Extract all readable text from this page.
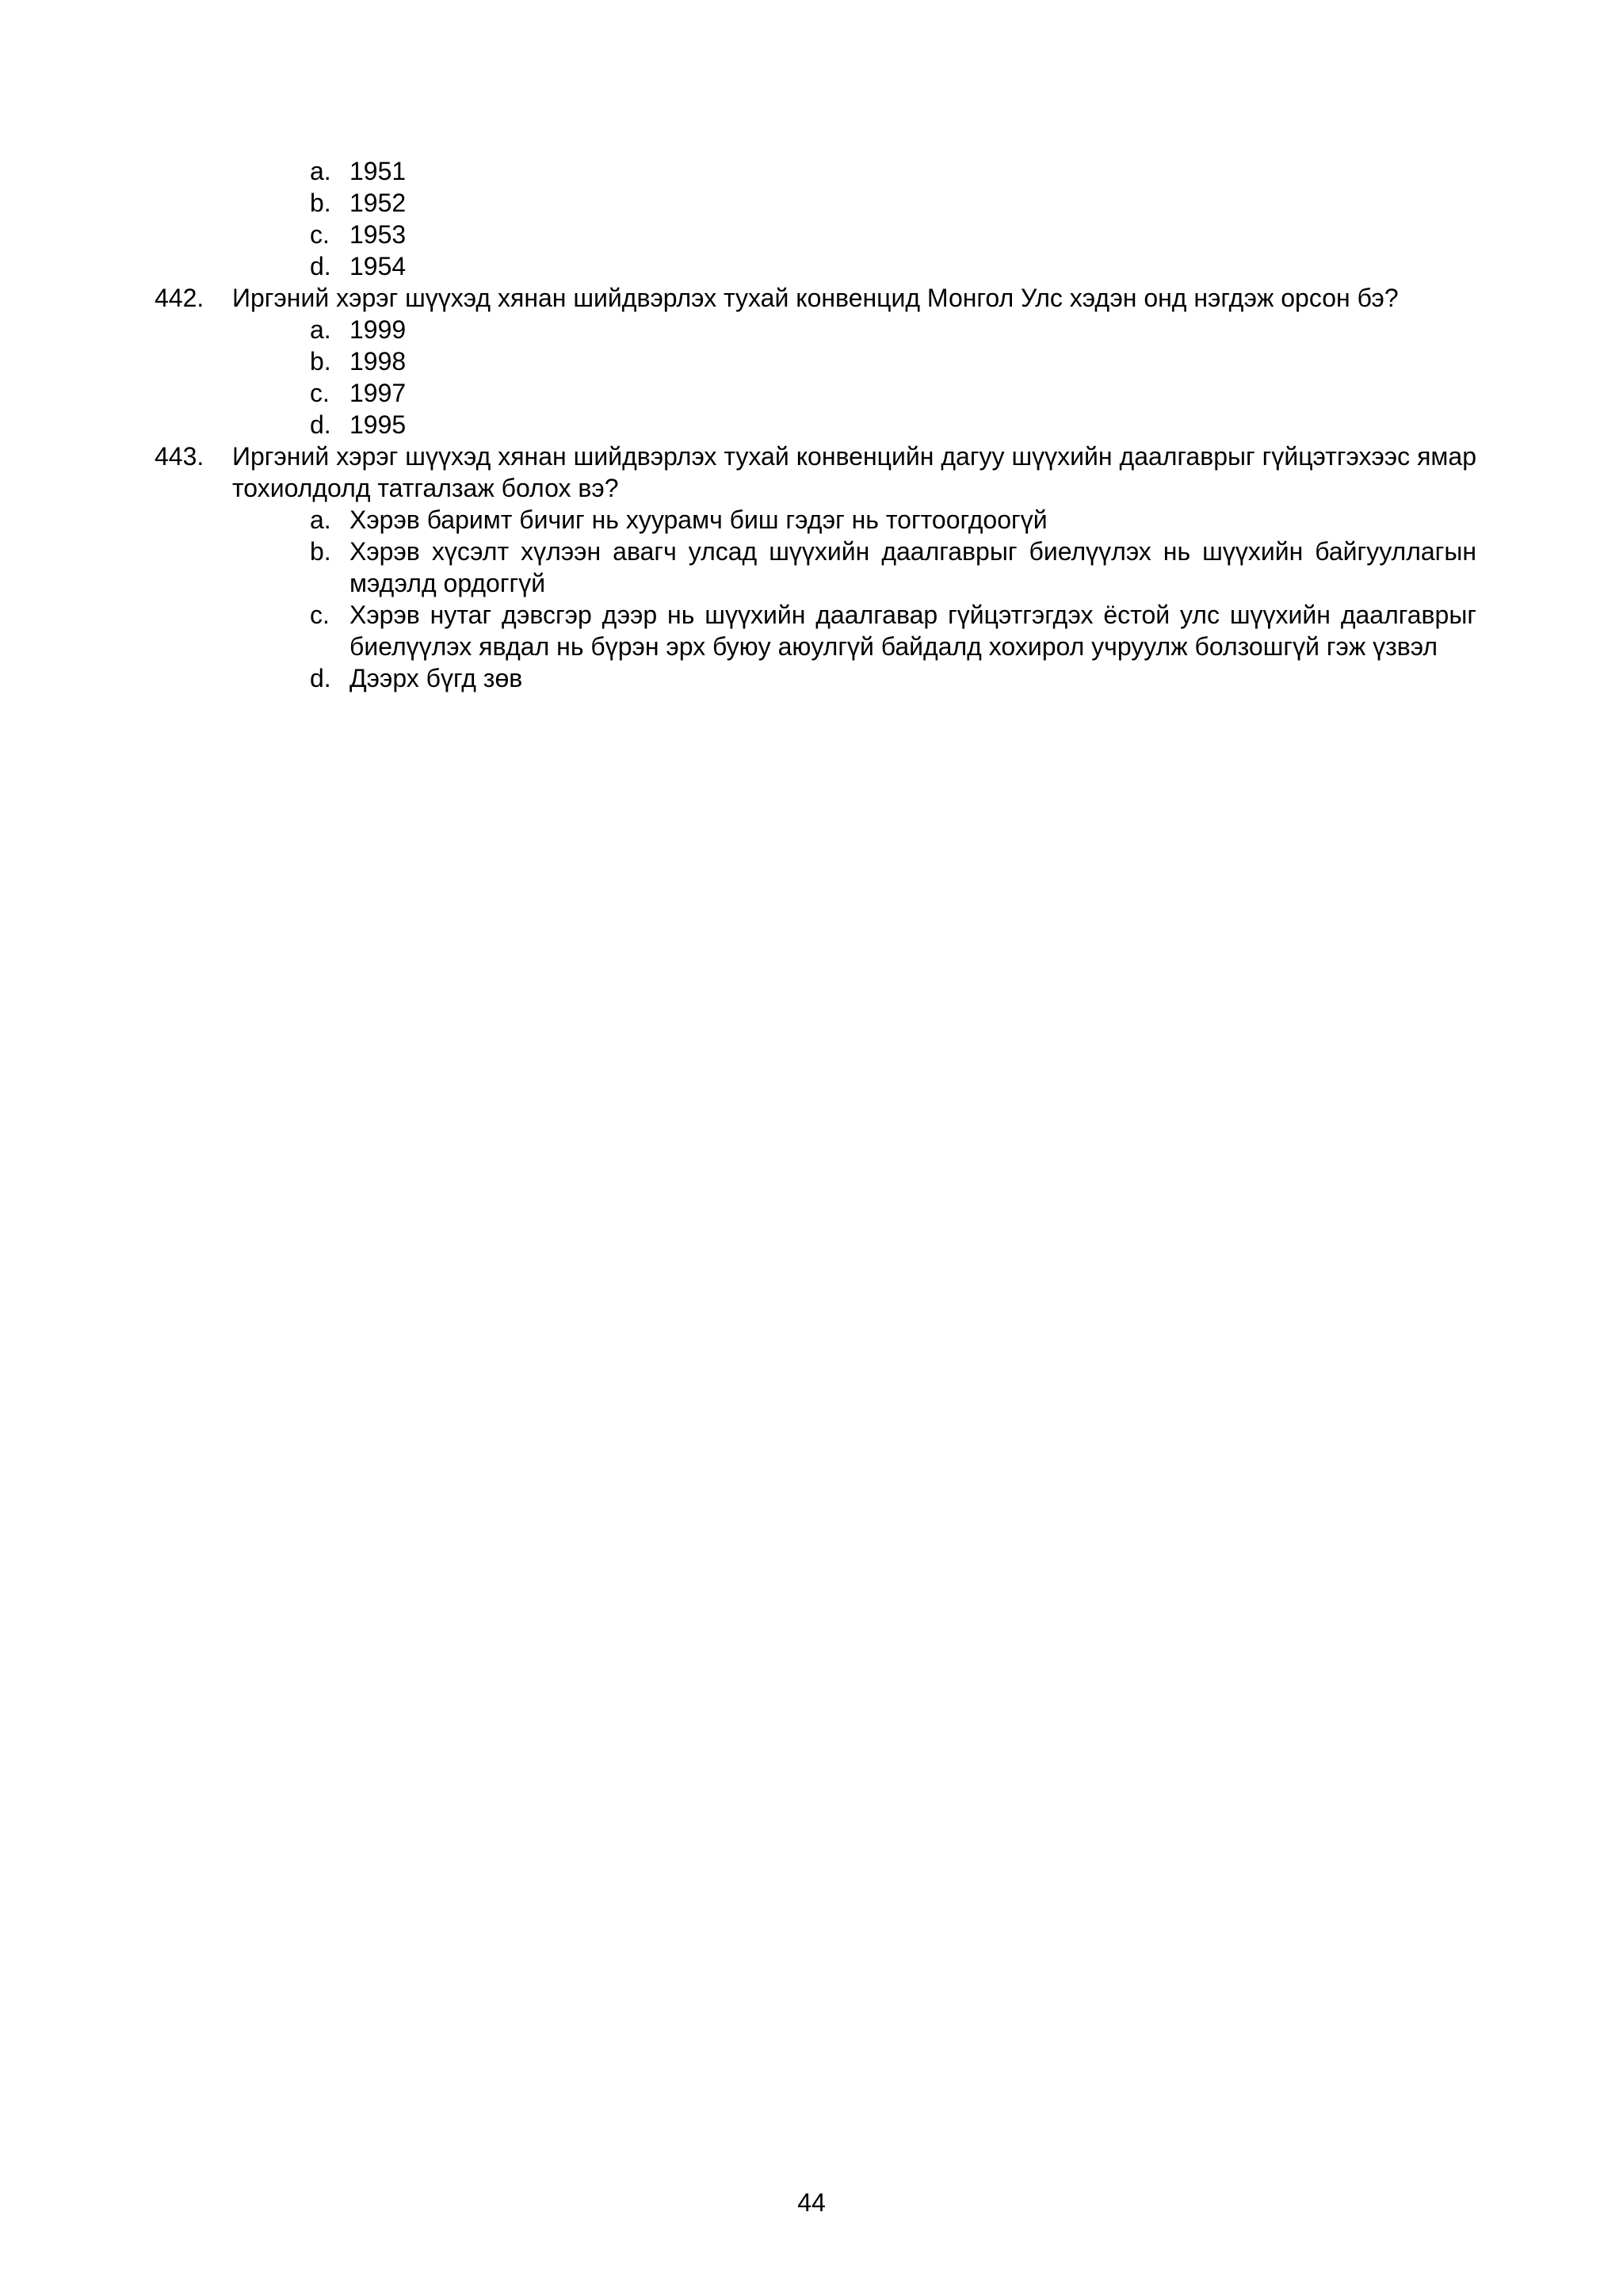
a. 1951
b. 1952
c. 1953
d. 1954
442. Иргэний хэрэг шүүхэд хянан шийдвэрлэх тухай конвенцид Монгол Улс хэдэн онд нэгдэж орсон бэ?
a. 1999
b. 1998
c. 1997
d. 1995
443. Иргэний хэрэг шүүхэд хянан шийдвэрлэх тухай конвенцийн дагуу шүүхийн даалгаврыг гүйцэтгэхээс ямар тохиолдолд татгалзаж болох вэ?
a. Хэрэв баримт бичиг нь хуурамч биш гэдэг нь тогтоогдоогүй
b. Хэрэв хүсэлт хүлээн авагч улсад шүүхийн даалгаврыг биелүүлэх нь шүүхийн байгууллагын мэдэлд ордоггүй
c. Хэрэв нутаг дэвсгэр дээр нь шүүхийн даалгавар гүйцэтгэгдэх ёстой улс шүүхийн даалгаврыг биелүүлэх явдал нь бүрэн эрх буюу аюулгүй байдалд хохирол учруулж болзошгүй гэж үзвэл
d. Дээрх бүгд зөв
44
